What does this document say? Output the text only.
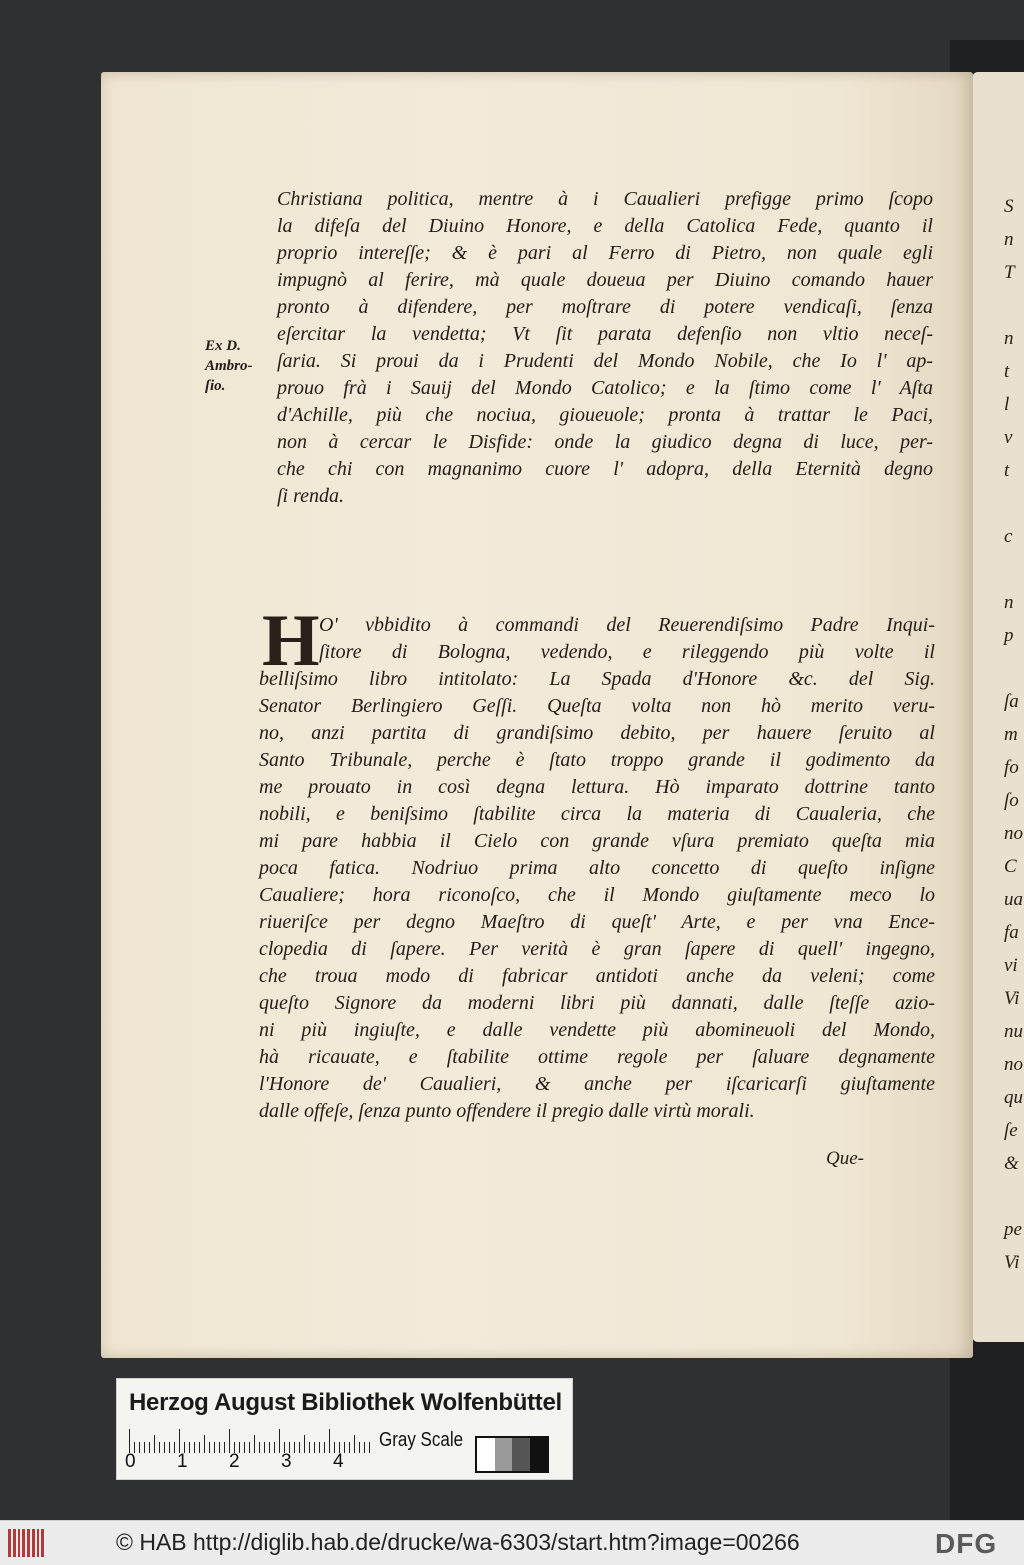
S
n
T
n
t
l
v
t
c
n
p
ſa
m
fo
ſo
no
C
ua
fa
vi
Vi
nu
no
qu
ſe
&
pe
Vi
Christiana politica, mentre à i Caualieri prefigge primo ſcopo
la difeſa del Diuino Honore, e della Catolica Fede, quanto il
proprio intereſſe; & è pari al Ferro di Pietro, non quale egli
impugnò al ferire, mà quale doueua per Diuino comando hauer
pronto à difendere, per moſtrare di potere vendicaſi, ſenza
eſercitar la vendetta; Vt ſit parata defenſio non vltio neceſ-
ſaria. Si proui da i Prudenti del Mondo Nobile, che Io l' ap-
prouo frà i Sauij del Mondo Catolico; e la ſtimo come l' Aſta
d'Achille, più che nociua, gioueuole; pronta à trattar le Paci,
non à cercar le Disfide: onde la giudico degna di luce, per-
che chi con magnanimo cuore l' adopra, della Eternità degno
ſi renda.
Ex D.
Ambro-
ſio.
H O' vbbidito à commandi del Reuerendiſsimo Padre Inqui-
ſitore di Bologna, vedendo, e rileggendo più volte il
belliſsimo libro intitolato: La Spada d'Honore &c. del Sig.
Senator Berlingiero Geſſi. Queſta volta non hò merito veru-
no, anzi partita di grandiſsimo debito, per hauere ſeruito al
Santo Tribunale, perche è ſtato troppo grande il godimento da
me prouato in così degna lettura. Hò imparato dottrine tanto
nobili, e beniſsimo ſtabilite circa la materia di Caualeria, che
mi pare habbia il Cielo con grande vſura premiato queſta mia
poca fatica. Nodriuo prima alto concetto di queſto inſigne
Caualiere; hora riconoſco, che il Mondo giuſtamente meco lo
riueriſce per degno Maeſtro di queſt' Arte, e per vna Ence-
clopedia di ſapere. Per verità è gran ſapere di quell' ingegno,
che troua modo di fabricar antidoti anche da veleni; come
queſto Signore da moderni libri più dannati, dalle ſteſſe azio-
ni più ingiuſte, e dalle vendette più abomineuoli del Mondo,
hà ricauate, e ſtabilite ottime regole per ſaluare degnamente
l'Honore de' Caualieri, & anche per iſcaricarſi giuſtamente
dalle offeſe, ſenza punto offendere il pregio dalle virtù morali.
Que-
Herzog August Bibliothek Wolfenbüttel
0 1 2 3 4
Gray Scale
© HAB http://diglib.hab.de/drucke/wa-6303/start.htm?image=00266	DFG
